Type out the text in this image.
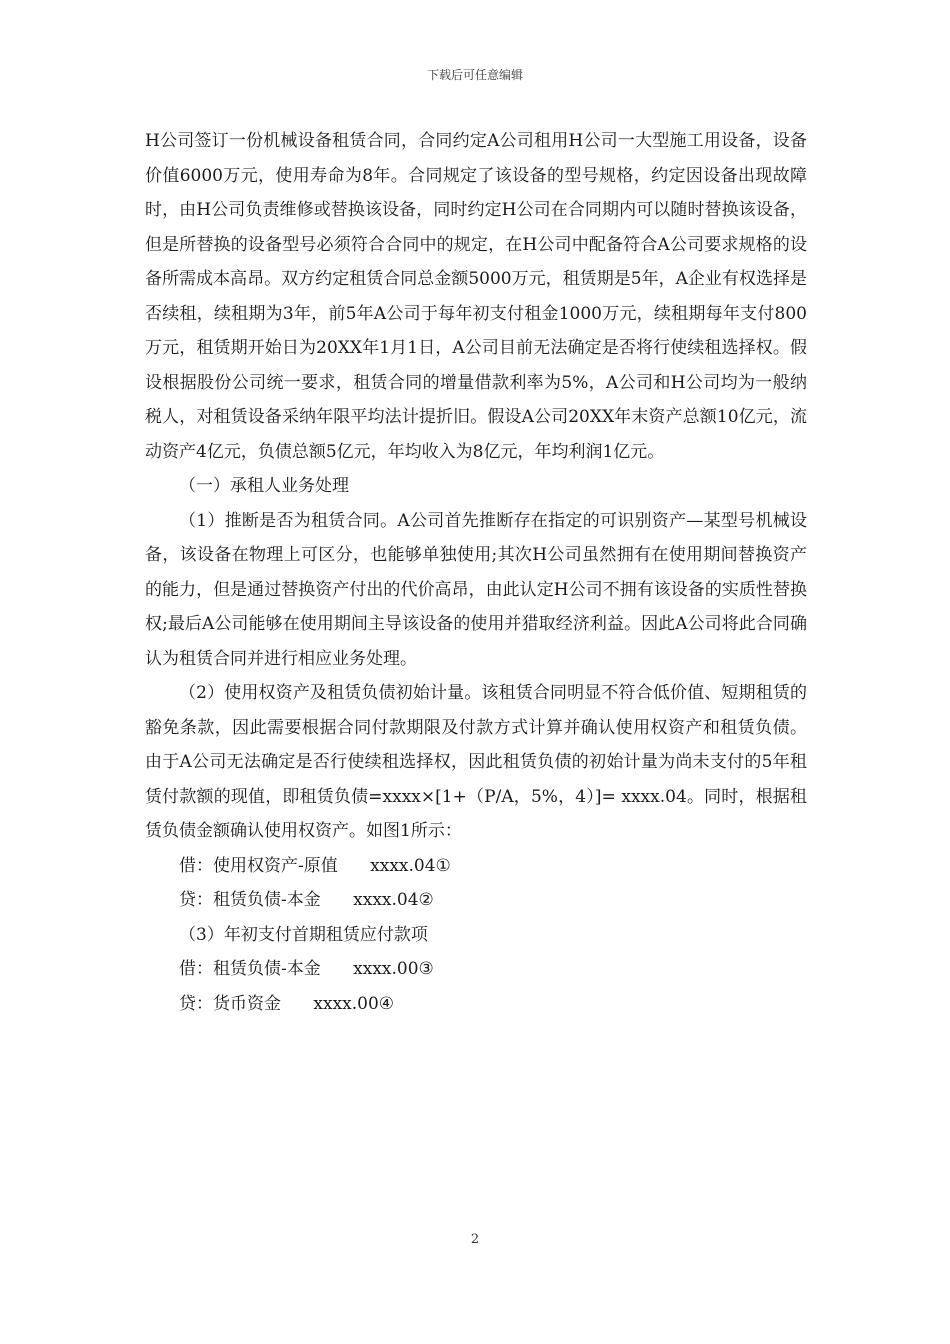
下载后可任意编辑

H公司签订一份机械设备租赁合同，合同约定A公司租用H公司一大型施工用设备，设备价值6000万元，使用寿命为8年。合同规定了该设备的型号规格，约定因设备出现故障时，由H公司负责维修或替换该设备，同时约定H公司在合同期内可以随时替换该设备，但是所替换的设备型号必须符合合同中的规定，在H公司中配备符合A公司要求规格的设备所需成本高昂。双方约定租赁合同总金额5000万元，租赁期是5年，A企业有权选择是否续租，续租期为3年，前5年A公司于每年初支付租金1000万元，续租期每年支付800万元，租赁期开始日为20XX年1月1日，A公司目前无法确定是否将行使续租选择权。假设根据股份公司统一要求，租赁合同的增量借款利率为5%，A公司和H公司均为一般纳税人，对租赁设备采纳年限平均法计提折旧。假设A公司20XX年末资产总额10亿元，流动资产4亿元，负债总额5亿元，年均收入为8亿元，年均利润1亿元。

（一）承租人业务处理

（1）推断是否为租赁合同。A公司首先推断存在指定的可识别资产—某型号机械设备，该设备在物理上可区分，也能够单独使用;其次H公司虽然拥有在使用期间替换资产的能力，但是通过替换资产付出的代价高昂，由此认定H公司不拥有该设备的实质性替换权;最后A公司能够在使用期间主导该设备的使用并猎取经济利益。因此A公司将此合同确认为租赁合同并进行相应业务处理。

（2）使用权资产及租赁负债初始计量。该租赁合同明显不符合低价值、短期租赁的豁免条款，因此需要根据合同付款期限及付款方式计算并确认使用权资产和租赁负债。由于A公司无法确定是否行使续租选择权，因此租赁负债的初始计量为尚未支付的5年租赁付款额的现值，即租赁负债=xxxx×[1+（P/A，5%，4）]= xxxx.04。同时，根据租赁负债金额确认使用权资产。如图1所示：

借：使用权资产-原值      xxxx.04①

贷：租赁负债-本金      xxxx.04②

（3）年初支付首期租赁应付款项

借：租赁负债-本金      xxxx.00③

贷：货币资金      xxxx.00④

2
